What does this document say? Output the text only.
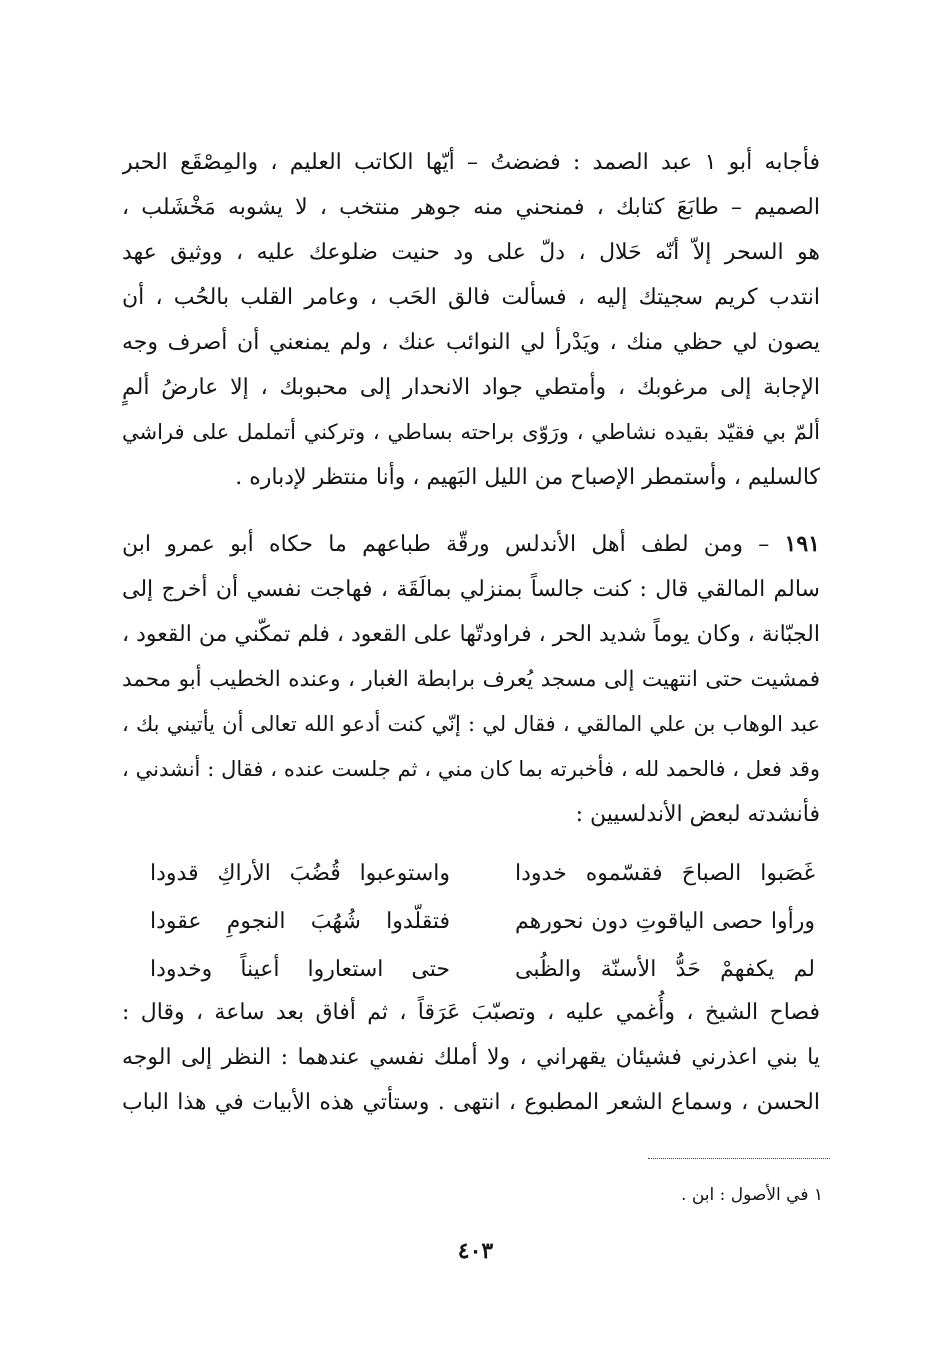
فأجابه أبو ١ عبد الصمد : فضضتُ – أيّها الكاتب العليم ، والمِصْقَع الحبر
الصميم – طابَعَ كتابك ، فمنحني منه جوهر منتخب ، لا يشوبه مَخْشَلب ،
هو السحر إلاّ أنّه حَلال ، دلّ على ود حنيت ضلوعك عليه ، ووثيق عهد
انتدب كريم سجيتك إليه ، فسألت فالق الحَب ، وعامر القلب بالحُب ، أن
يصون لي حظي منك ، ويَدْرأ لي النوائب عنك ، ولم يمنعني أن أصرف وجه
الإجابة إلى مرغوبك ، وأمتطي جواد الانحدار إلى محبوبك ، إلا عارضُ ألمٍ
ألمّ بي فقيّد بقيده نشاطي ، ورَوّى براحته بساطي ، وتركني أتململ على فراشي
كالسليم ، وأستمطر الإصباح من الليل البَهيم ، وأنا منتظر لإدباره .
١٩١ – ومن لطف أهل الأندلس ورقّة طباعهم ما حكاه أبو عمرو ابن
سالم المالقي قال : كنت جالساً بمنزلي بمالَقَة ، فهاجت نفسي أن أخرج إلى
الجبّانة ، وكان يوماً شديد الحر ، فراودتّها على القعود ، فلم تمكّني من القعود ،
فمشيت حتى انتهيت إلى مسجد يُعرف برابطة الغبار ، وعنده الخطيب أبو محمد
عبد الوهاب بن علي المالقي ، فقال لي : إنّي كنت أدعو الله تعالى أن يأتيني بك ،
وقد فعل ، فالحمد لله ، فأخبرته بما كان مني ، ثم جلست عنده ، فقال : أنشدني ،
فأنشدته لبعض الأندلسيين :
غَصَبوا الصباحَ فقسّموه خدودا
واستوعبوا قُضُبَ الأراكِ قدودا
ورأوا حصى الياقوتِ دون نحورهم
فتقلّدوا شُهُبَ النجومِ عقودا
لم يكفهمْ حَدُّ الأسنّة والظُبى
حتى استعاروا أعيناً وخدودا
فصاح الشيخ ، وأُغمي عليه ، وتصبّبَ عَرَقاً ، ثم أفاق بعد ساعة ، وقال :
يا بني اعذرني فشيئان يقهراني ، ولا أملك نفسي عندهما : النظر إلى الوجه
الحسن ، وسماع الشعر المطبوع ، انتهى . وستأتي هذه الأبيات في هذا الباب
١ في الأصول : ابن .
٤٠٣
